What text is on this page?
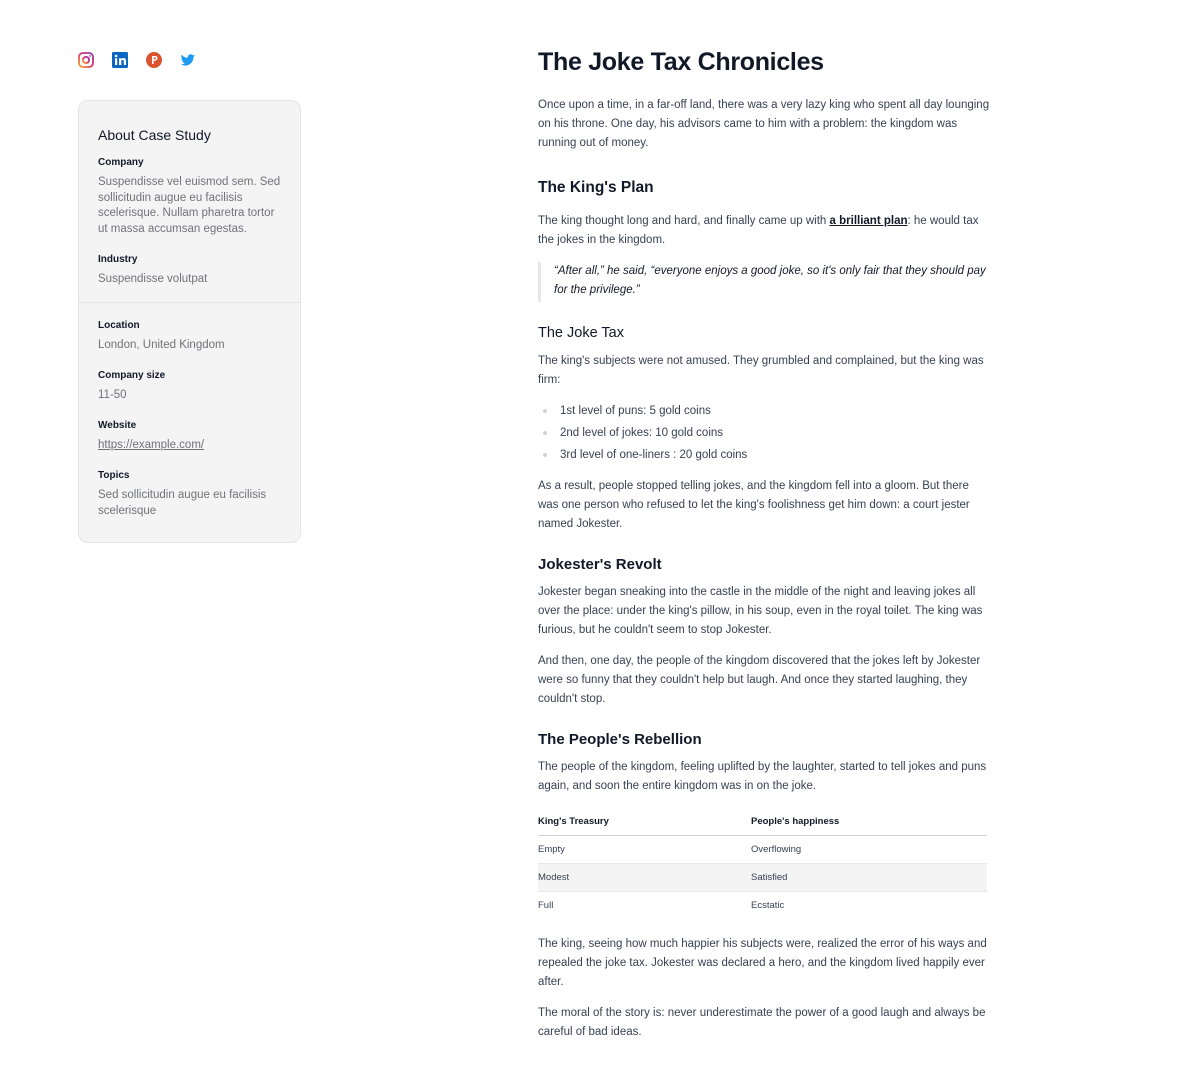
About Case Study
Company
Suspendisse vel euismod sem. Sed sollicitudin augue eu facilisis scelerisque. Nullam pharetra tortor ut massa accumsan egestas.
Industry
Suspendisse volutpat
Location
London, United Kingdom
Company size
11-50
Website
https://example.com/
Topics
Sed sollicitudin augue eu facilisis scelerisque
The Joke Tax Chronicles

Once upon a time, in a far-off land, there was a very lazy king who spent all day lounging on his throne. One day, his advisors came to him with a problem: the kingdom was running out of money.

The King's Plan

The king thought long and hard, and finally came up with a brilliant plan: he would tax the jokes in the kingdom.

“After all,” he said, “everyone enjoys a good joke, so it's only fair that they should pay for the privilege.”
The Joke Tax

The king's subjects were not amused. They grumbled and complained, but the king was firm:

1st level of puns: 5 gold coins
2nd level of jokes: 10 gold coins
3rd level of one-liners : 20 gold coins

As a result, people stopped telling jokes, and the kingdom fell into a gloom. But there was one person who refused to let the king's foolishness get him down: a court jester named Jokester.

Jokester's Revolt

Jokester began sneaking into the castle in the middle of the night and leaving jokes all over the place: under the king's pillow, in his soup, even in the royal toilet. The king was furious, but he couldn't seem to stop Jokester.

And then, one day, the people of the kingdom discovered that the jokes left by Jokester were so funny that they couldn't help but laugh. And once they started laughing, they couldn't stop.

The People's Rebellion

The people of the kingdom, feeling uplifted by the laughter, started to tell jokes and puns again, and soon the entire kingdom was in on the joke.

King's Treasury	People's happiness
Empty	Overflowing
Modest	Satisfied
Full	Ecstatic

The king, seeing how much happier his subjects were, realized the error of his ways and repealed the joke tax. Jokester was declared a hero, and the kingdom lived happily ever after.

The moral of the story is: never underestimate the power of a good laugh and always be careful of bad ideas.
